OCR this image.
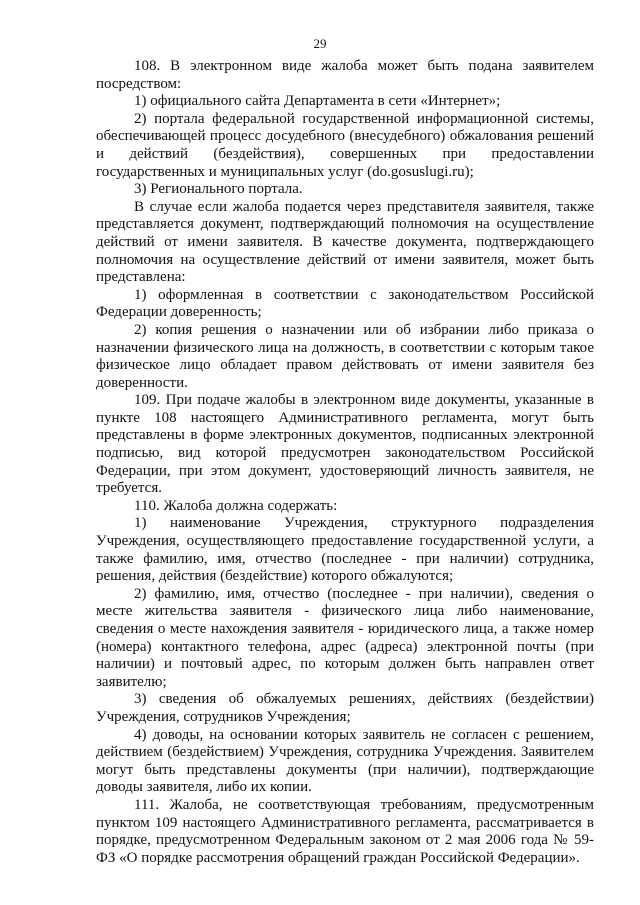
29

108. В электронном виде жалоба может быть подана заявителем посредством:

1) официального сайта Департамента в сети «Интернет»;

2) портала федеральной государственной информационной системы, обеспечивающей процесс досудебного (внесудебного) обжалования решений и действий (бездействия), совершенных при предоставлении государственных и муниципальных услуг (do.gosuslugi.ru);

3) Регионального портала.

В случае если жалоба подается через представителя заявителя, также представляется документ, подтверждающий полномочия на осуществление действий от имени заявителя. В качестве документа, подтверждающего полномочия на осуществление действий от имени заявителя, может быть представлена:

1) оформленная в соответствии с законодательством Российской Федерации доверенность;

2) копия решения о назначении или об избрании либо приказа о назначении физического лица на должность, в соответствии с которым такое физическое лицо обладает правом действовать от имени заявителя без доверенности.

109. При подаче жалобы в электронном виде документы, указанные в пункте 108 настоящего Административного регламента, могут быть представлены в форме электронных документов, подписанных электронной подписью, вид которой предусмотрен законодательством Российской Федерации, при этом документ, удостоверяющий личность заявителя, не требуется.

110. Жалоба должна содержать:

1) наименование Учреждения, структурного подразделения Учреждения, осуществляющего предоставление государственной услуги, а также фамилию, имя, отчество (последнее - при наличии) сотрудника, решения, действия (бездействие) которого обжалуются;

2) фамилию, имя, отчество (последнее - при наличии), сведения о месте жительства заявителя - физического лица либо наименование, сведения о месте нахождения заявителя - юридического лица, а также номер (номера) контактного телефона, адрес (адреса) электронной почты (при наличии) и почтовый адрес, по которым должен быть направлен ответ заявителю;

3) сведения об обжалуемых решениях, действиях (бездействии) Учреждения, сотрудников Учреждения;

4) доводы, на основании которых заявитель не согласен с решением, действием (бездействием) Учреждения, сотрудника Учреждения. Заявителем могут быть представлены документы (при наличии), подтверждающие доводы заявителя, либо их копии.

111. Жалоба, не соответствующая требованиям, предусмотренным пунктом 109 настоящего Административного регламента, рассматривается в порядке, предусмотренном Федеральным законом от 2 мая 2006 года № 59-ФЗ «О порядке рассмотрения обращений граждан Российской Федерации».
